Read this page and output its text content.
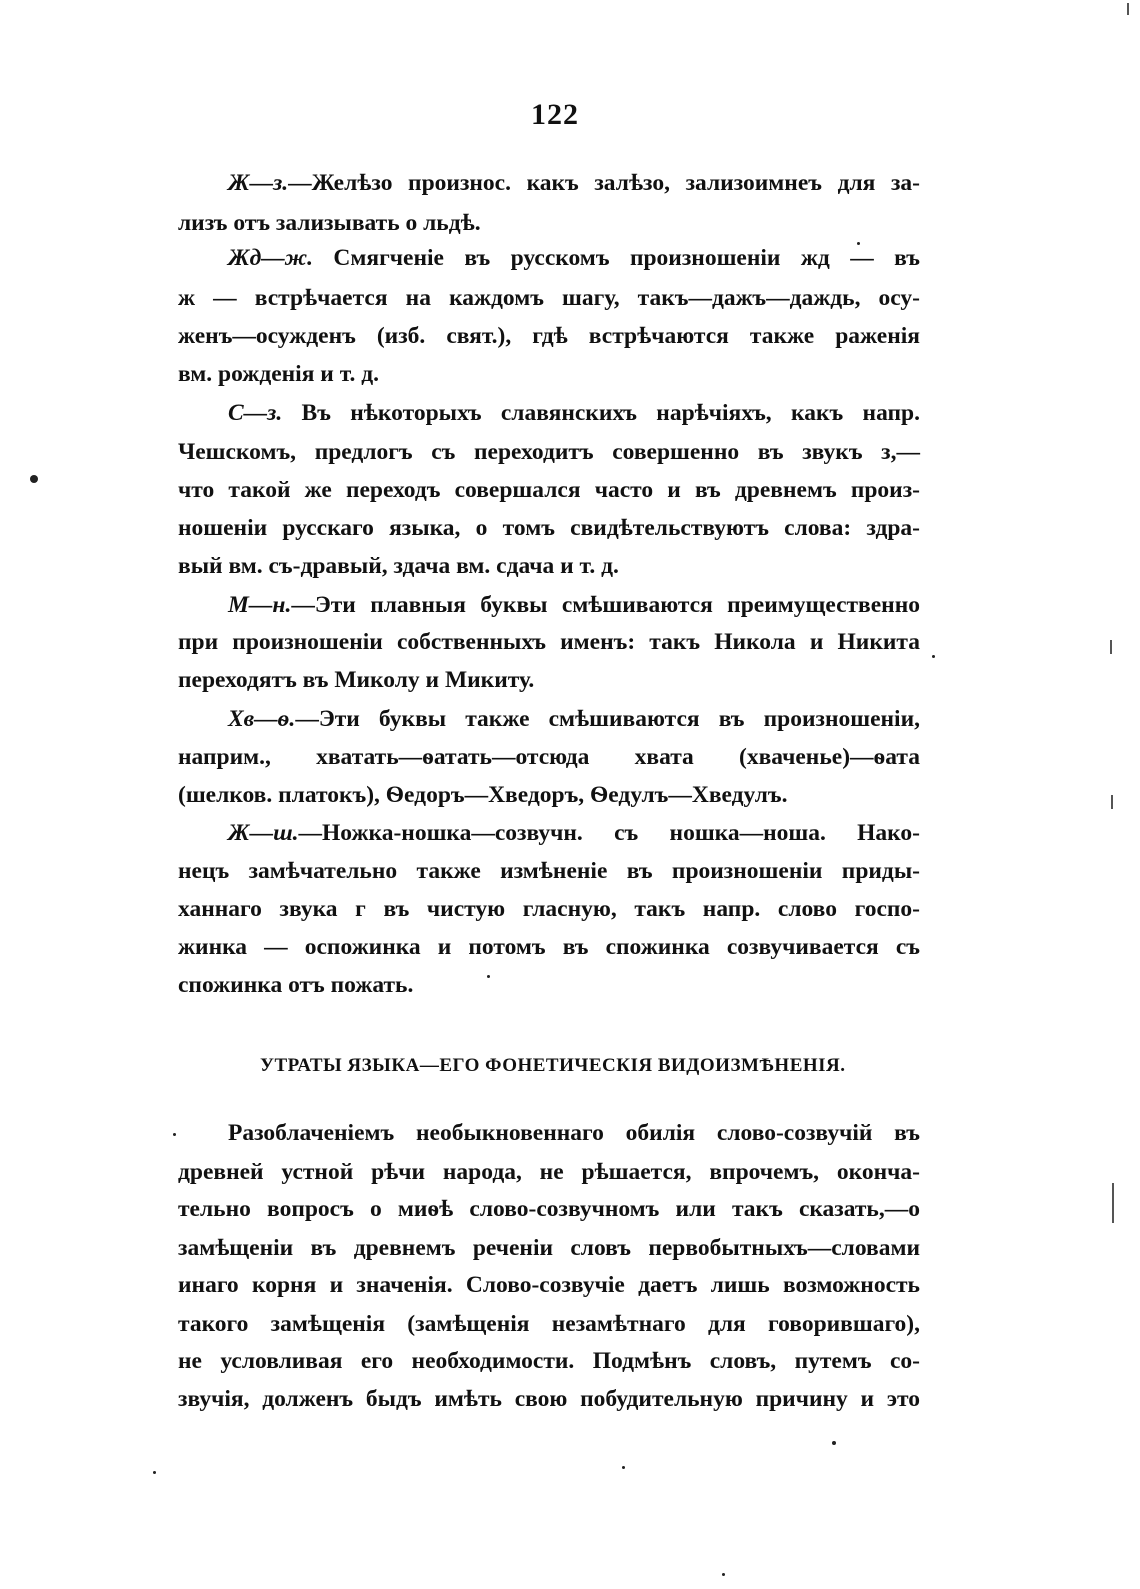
122
Ж—з.—Желѣзо произнос. какъ залѣзо, зализоимнеъ для за-
лизъ отъ зализывать о льдѣ.
Жд—ж. Смягченіе въ русскомъ произношеніи жд — въ
ж — встрѣчается на каждомъ шагу, такъ—дажъ—даждь, осу-
женъ—осужденъ (изб. свят.), гдѣ встрѣчаются также раженія
вм. рожденія и т. д.
С—з. Въ нѣкоторыхъ славянскихъ нарѣчіяхъ, какъ напр.
Чешскомъ, предлогъ съ переходитъ совершенно въ звукъ з,—
что такой же переходъ совершался часто и въ древнемъ произ-
ношеніи русскаго языка, о томъ свидѣтельствуютъ слова: здра-
вый вм. съ-дравый, здача вм. сдача и т. д.
М—н.—Эти плавныя буквы смѣшиваются преимущественно
при произношеніи собственныхъ именъ: такъ Никола и Никита
переходятъ въ Миколу и Микиту.
Хв—ѳ.—Эти буквы также смѣшиваются въ произношеніи,
наприм., хватать—ѳатать—отсюда хвата (хваченье)—ѳата
(шелков. платокъ), Ѳедоръ—Хведоръ, Ѳедулъ—Хведулъ.
Ж—ш.—Ножка-ношка—созвучн. съ ношка—ноша. Нако-
нецъ замѣчательно также измѣненіе въ произношеніи приды-
ханнаго звука г въ чистую гласную, такъ напр. слово госпо-
жинка — оспожинка и потомъ въ спожинка созвучивается съ
спожинка отъ пожать.
УТРАТЫ ЯЗЫКА—ЕГО ФОНЕТИЧЕСКІЯ ВИДОИЗМѢНЕНІЯ.
Разоблаченіемъ необыкновеннаго обилія слово-созвучій въ
древней устной рѣчи народа, не рѣшается, впрочемъ, оконча-
тельно вопросъ о миѳѣ слово-созвучномъ или такъ сказать,—о
замѣщеніи въ древнемъ реченіи словъ первобытныхъ—словами
инаго корня и значенія. Слово-созвучіе даетъ лишь возможность
такого замѣщенія (замѣщенія незамѣтнаго для говорившаго),
не условливая его необходимости. Подмѣнъ словъ, путемъ со-
звучія, долженъ быдъ имѣть свою побудительную причину и это
